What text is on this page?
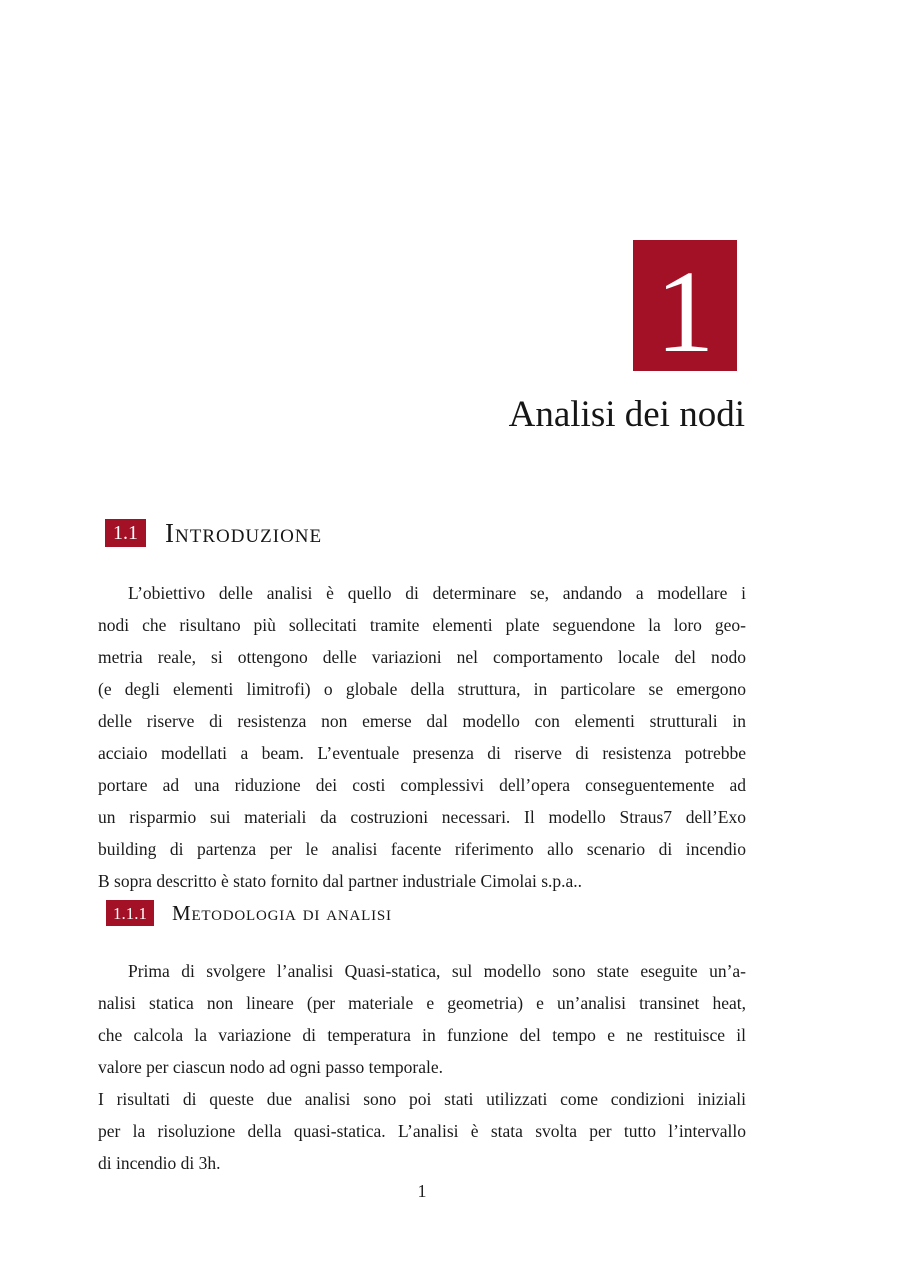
1
Analisi dei nodi
1.1 Introduzione
L’obiettivo delle analisi è quello di determinare se, andando a modellare i
nodi che risultano più sollecitati tramite elementi plate seguendone la loro geo-
metria reale, si ottengono delle variazioni nel comportamento locale del nodo
(e degli elementi limitrofi) o globale della struttura, in particolare se emergono
delle riserve di resistenza non emerse dal modello con elementi strutturali in
acciaio modellati a beam. L’eventuale presenza di riserve di resistenza potrebbe
portare ad una riduzione dei costi complessivi dell’opera conseguentemente ad
un risparmio sui materiali da costruzioni necessari. Il modello Straus7 dell’Exo
building di partenza per le analisi facente riferimento allo scenario di incendio
B sopra descritto è stato fornito dal partner industriale Cimolai s.p.a..
1.1.1	Metodologia di analisi
Prima di svolgere l’analisi Quasi-statica, sul modello sono state eseguite un’a-
nalisi statica non lineare (per materiale e geometria) e un’analisi transinet heat,
che calcola la variazione di temperatura in funzione del tempo e ne restituisce il
valore per ciascun nodo ad ogni passo temporale.
I risultati di queste due analisi sono poi stati utilizzati come condizioni iniziali
per la risoluzione della quasi-statica. L’analisi è stata svolta per tutto l’intervallo
di incendio di 3h.
1
